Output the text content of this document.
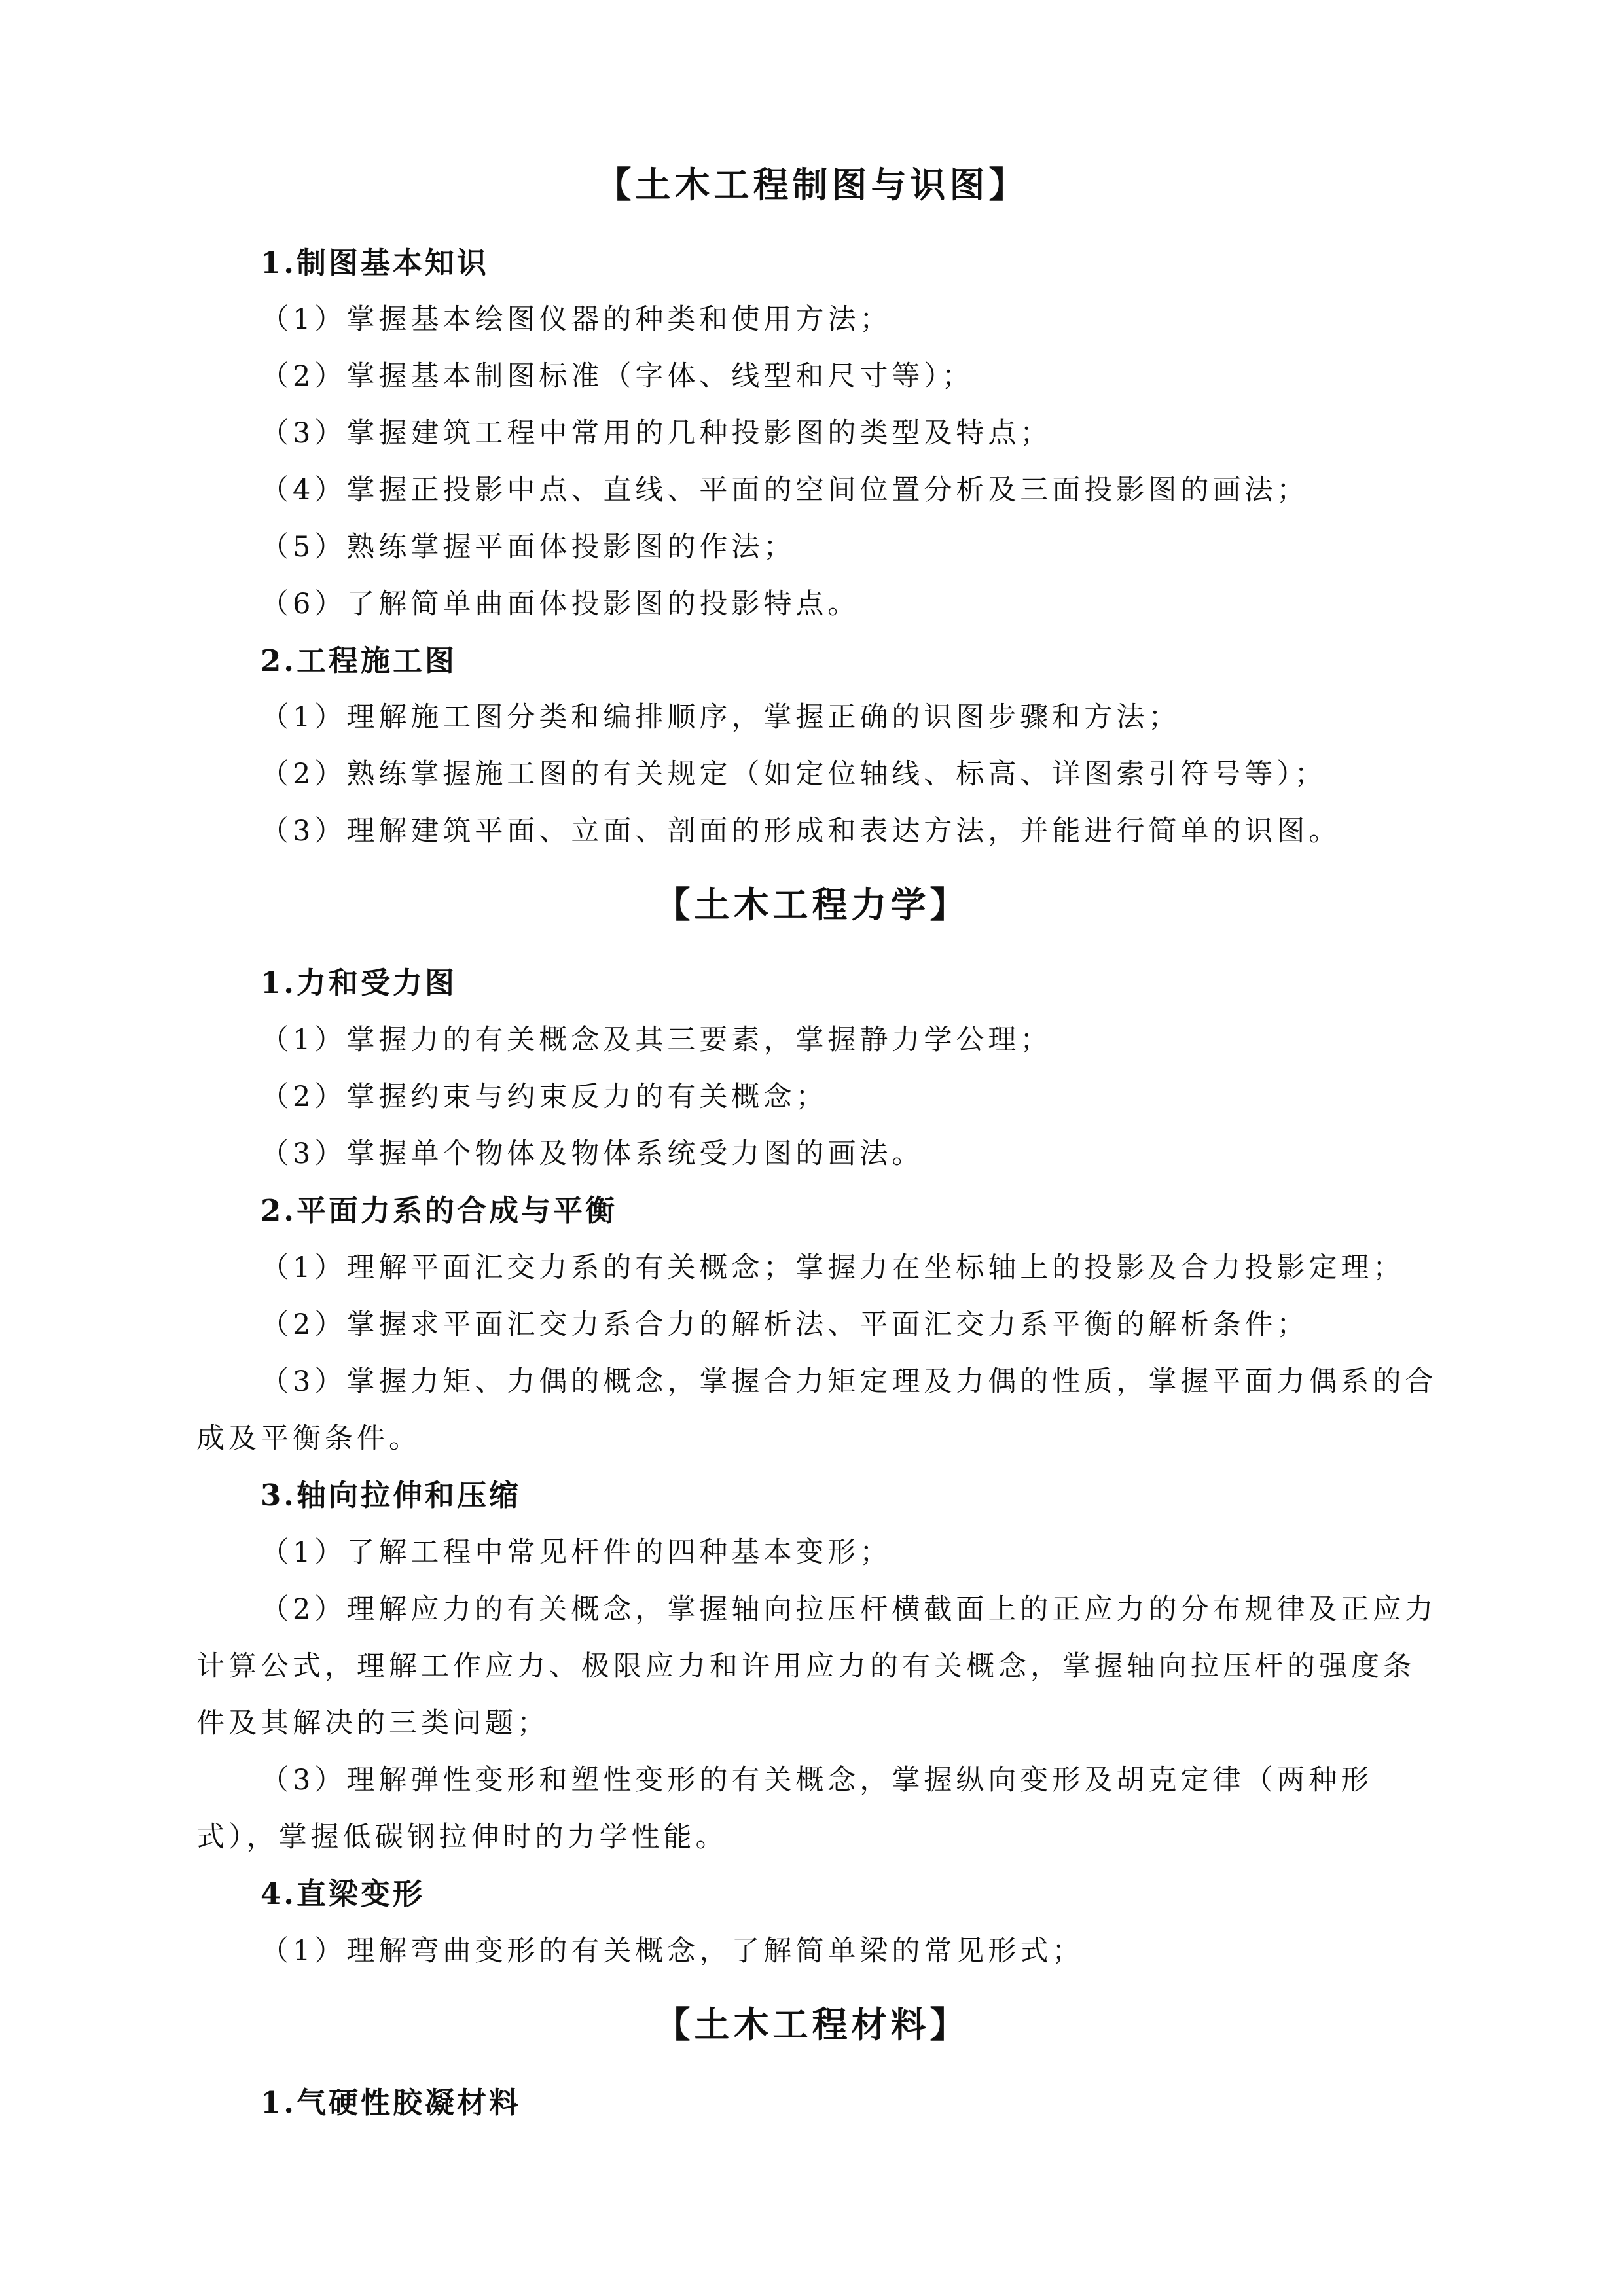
【土木工程制图与识图】
1.制图基本知识
（1）掌握基本绘图仪器的种类和使用方法；
（2）掌握基本制图标准（字体、线型和尺寸等）；
（3）掌握建筑工程中常用的几种投影图的类型及特点；
（4）掌握正投影中点、直线、平面的空间位置分析及三面投影图的画法；
（5）熟练掌握平面体投影图的作法；
（6）了解简单曲面体投影图的投影特点。
2.工程施工图
（1）理解施工图分类和编排顺序，掌握正确的识图步骤和方法；
（2）熟练掌握施工图的有关规定（如定位轴线、标高、详图索引符号等）；
（3）理解建筑平面、立面、剖面的形成和表达方法，并能进行简单的识图。
【土木工程力学】
1.力和受力图
（1）掌握力的有关概念及其三要素，掌握静力学公理；
（2）掌握约束与约束反力的有关概念；
（3）掌握单个物体及物体系统受力图的画法。
2.平面力系的合成与平衡
（1）理解平面汇交力系的有关概念；掌握力在坐标轴上的投影及合力投影定理；
（2）掌握求平面汇交力系合力的解析法、平面汇交力系平衡的解析条件；
（3）掌握力矩、力偶的概念，掌握合力矩定理及力偶的性质，掌握平面力偶系的合
成及平衡条件。
3.轴向拉伸和压缩
（1）了解工程中常见杆件的四种基本变形；
（2）理解应力的有关概念，掌握轴向拉压杆横截面上的正应力的分布规律及正应力
计算公式，理解工作应力、极限应力和许用应力的有关概念，掌握轴向拉压杆的强度条
件及其解决的三类问题；
（3）理解弹性变形和塑性变形的有关概念，掌握纵向变形及胡克定律（两种形
式），掌握低碳钢拉伸时的力学性能。
4.直梁变形
（1）理解弯曲变形的有关概念，了解简单梁的常见形式；
【土木工程材料】
1.气硬性胶凝材料
